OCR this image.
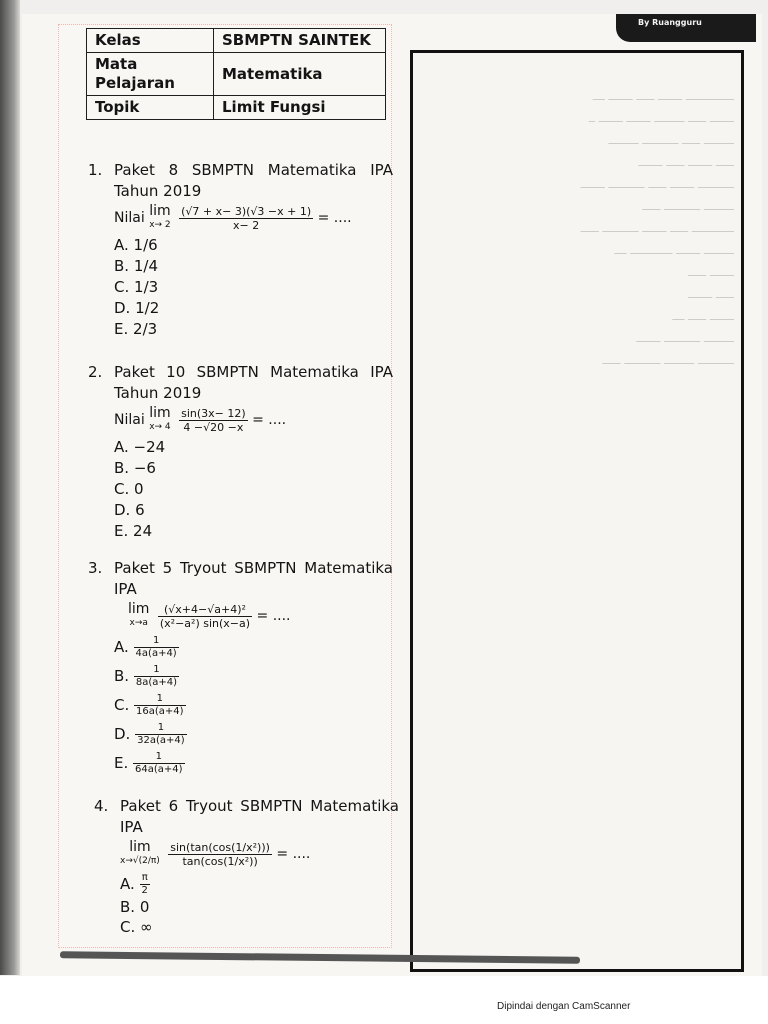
By Ruangguru
Kelas	SBMPTN SAINTEK
Mata Pelajaran	Matematika
Topik	Limit Fungsi
1. Paket 8 SBMPTN Matematika IPA Tahun 2019
Nilai lim
x→ 2
$\frac{(√7 + x- 3)(√3 -x + 1)}{x- 2}$ = ....
A. 1/6
B. 1/4
C. 1/3
D. 1/2
E. 2/3
2. Paket 10 SBMPTN Matematika IPA Tahun 2019
Nilai lim
x→ 4
$\frac{\sin(3x- 12)}{4 -√20 -x}$ = ....
A. −24
B. −6
C. 0
D. 6
E. 24
3. Paket 5 Tryout SBMPTN Matematika IPA
lim
x→a
$\frac{\text{(√x+4−√a+4)²}}{\text{(x²−a²) sin(x−a)}}$ = ....
A. $\frac{1}{4a(a+4)}$
B. $\frac{1}{8a(a+4)}$
C. $\frac{1}{16a(a+4)}$
D. $\frac{1}{32a(a+4)}$
E. $\frac{1}{64a(a+4)}$
4. Paket 6 Tryout SBMPTN Matematika IPA
lim
x→√(2/π)
$\frac{\text{sin(tan(cos(1/x²)))}}{\text{tan(cos(1/x²))}}$ = ....
A. $\frac{\pi}{2}$
B. 0
C. ∞

________ ____ ___ ____ __
____ ___ _____ ____ ____ _
_____ ___ ______ _____
___ ____ ___ ____
______ ____ ___ ______ ____
_____ ______ ___
_______ ___ ____ ______ ___
_____ ____ _______ __
____ ___
___ ____
____ ___ __
_____ ______ ____
______ _____ ______ ___
Dipindai dengan CamScanner
